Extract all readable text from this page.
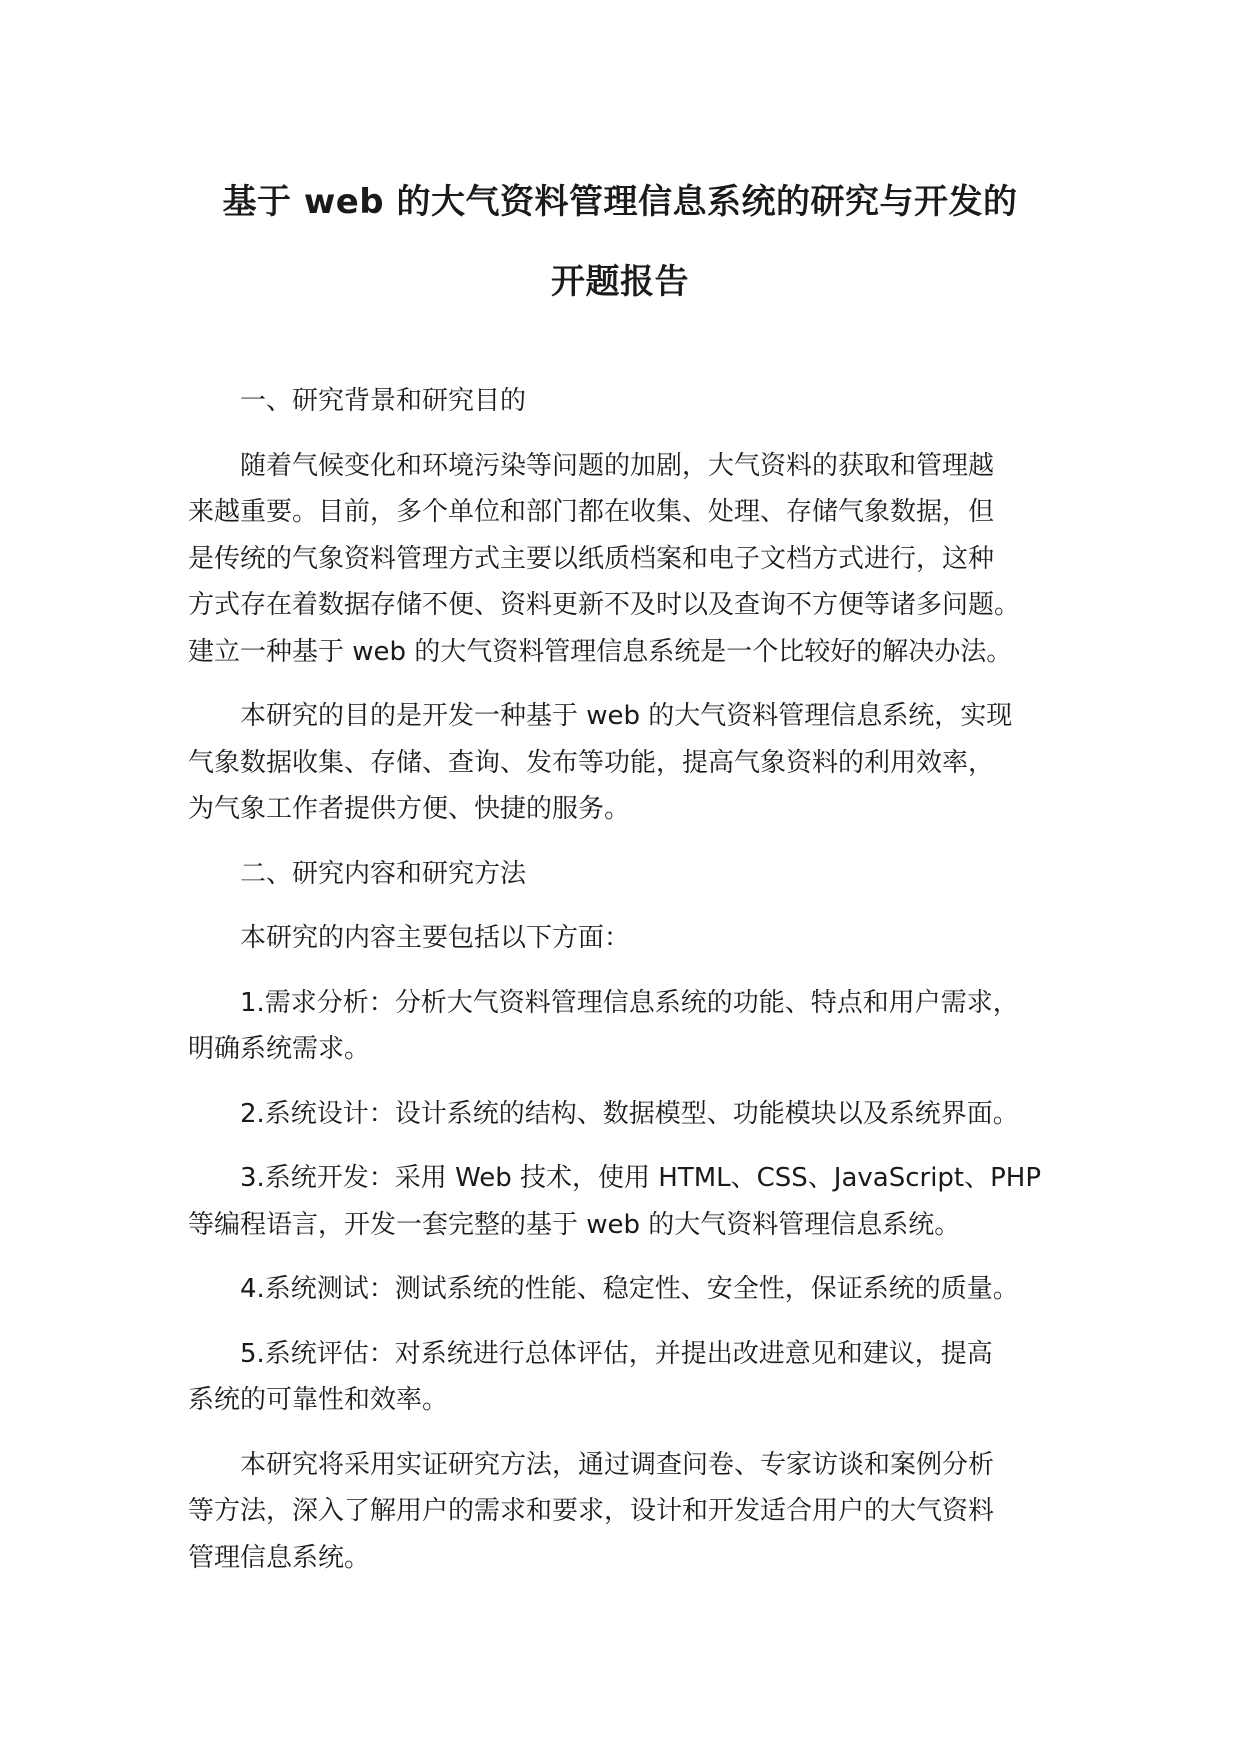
基于 web 的大气资料管理信息系统的研究与开发的
开题报告

　　一、研究背景和研究目的

　　随着气候变化和环境污染等问题的加剧，大气资料的获取和管理越
来越重要。目前，多个单位和部门都在收集、处理、存储气象数据，但
是传统的气象资料管理方式主要以纸质档案和电子文档方式进行，这种
方式存在着数据存储不便、资料更新不及时以及查询不方便等诸多问题。
建立一种基于 web 的大气资料管理信息系统是一个比较好的解决办法。

　　本研究的目的是开发一种基于 web 的大气资料管理信息系统，实现
气象数据收集、存储、查询、发布等功能，提高气象资料的利用效率，
为气象工作者提供方便、快捷的服务。

　　二、研究内容和研究方法

　　本研究的内容主要包括以下方面：

　　1.需求分析：分析大气资料管理信息系统的功能、特点和用户需求，
明确系统需求。

　　2.系统设计：设计系统的结构、数据模型、功能模块以及系统界面。

　　3.系统开发：采用 Web 技术，使用 HTML、CSS、JavaScript、PHP
等编程语言，开发一套完整的基于 web 的大气资料管理信息系统。

　　4.系统测试：测试系统的性能、稳定性、安全性，保证系统的质量。

　　5.系统评估：对系统进行总体评估，并提出改进意见和建议，提高
系统的可靠性和效率。

　　本研究将采用实证研究方法，通过调查问卷、专家访谈和案例分析
等方法，深入了解用户的需求和要求，设计和开发适合用户的大气资料
管理信息系统。
